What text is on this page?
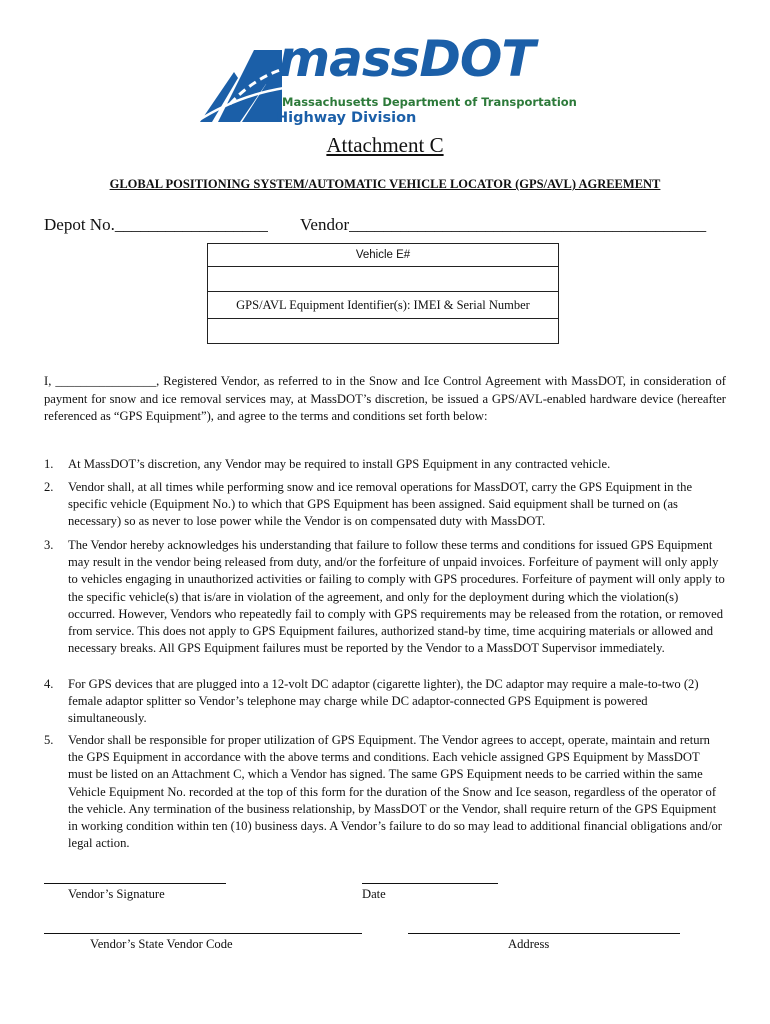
massDOT
Massachusetts Department of Transportation
Highway Division
Attachment C
GLOBAL POSITIONING SYSTEM/AUTOMATIC VEHICLE LOCATOR (GPS/AVL) AGREEMENT
Depot No.__________________ Vendor__________________________________________
Vehicle E#

GPS/AVL Equipment Identifier(s): IMEI & Serial Number

I, ________________, Registered Vendor, as referred to in the Snow and Ice Control Agreement with MassDOT, in consideration of payment for snow and ice removal services may, at MassDOT’s discretion, be issued a GPS/AVL-enabled hardware device (hereafter referenced as “GPS Equipment”), and agree to the terms and conditions set forth below:
1.	At MassDOT’s discretion, any Vendor may be required to install GPS Equipment in any contracted vehicle.
2.	Vendor shall, at all times while performing snow and ice removal operations for MassDOT, carry the GPS Equipment in the specific vehicle (Equipment No.) to which that GPS Equipment has been assigned. Said equipment shall be turned on (as necessary) so as never to lose power while the Vendor is on compensated duty with MassDOT.
3.	The Vendor hereby acknowledges his understanding that failure to follow these terms and conditions for issued GPS Equipment may result in the vendor being released from duty, and/or the forfeiture of unpaid invoices. Forfeiture of payment will only apply to vehicles engaging in unauthorized activities or failing to comply with GPS procedures. Forfeiture of payment will only apply to the specific vehicle(s) that is/are in violation of the agreement, and only for the deployment during which the violation(s) occurred. However, Vendors who repeatedly fail to comply with GPS requirements may be released from the rotation, or removed from service. This does not apply to GPS Equipment failures, authorized stand-by time, time acquiring materials or allowed and necessary breaks. All GPS Equipment failures must be reported by the Vendor to a MassDOT Supervisor immediately.
4.	For GPS devices that are plugged into a 12-volt DC adaptor (cigarette lighter), the DC adaptor may require a male-to-two (2) female adaptor splitter so Vendor’s telephone may charge while DC adaptor-connected GPS Equipment is powered simultaneously.
5.	Vendor shall be responsible for proper utilization of GPS Equipment. The Vendor agrees to accept, operate, maintain and return the GPS Equipment in accordance with the above terms and conditions. Each vehicle assigned GPS Equipment by MassDOT must be listed on an Attachment C, which a Vendor has signed. The same GPS Equipment needs to be carried within the same Vehicle Equipment No. recorded at the top of this form for the duration of the Snow and Ice season, regardless of the operator of the vehicle. Any termination of the business relationship, by MassDOT or the Vendor, shall require return of the GPS Equipment in working condition within ten (10) business days. A Vendor’s failure to do so may lead to additional financial obligations and/or legal action.
Vendor’s Signature	Date
Vendor’s State Vendor Code	Address
